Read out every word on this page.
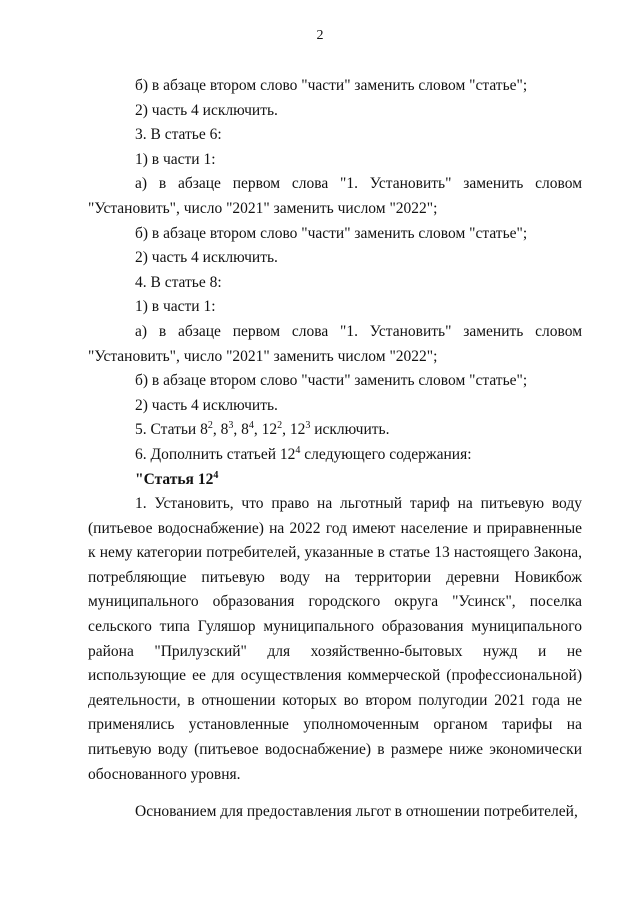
2

б) в абзаце втором слово "части" заменить словом "статье";

2) часть 4 исключить.

3. В статье 6:

1) в части 1:

а) в абзаце первом слова "1. Установить" заменить словом

"Установить", число "2021" заменить числом "2022";

б) в абзаце втором слово "части" заменить словом "статье";

2) часть 4 исключить.

4. В статье 8:

1) в части 1:

а) в абзаце первом слова "1. Установить" заменить словом

"Установить", число "2021" заменить числом "2022";

б) в абзаце втором слово "части" заменить словом "статье";

2) часть 4 исключить.

5. Статьи $8^2$, $8^3$, $8^4$, $12^2$, $12^3$ исключить.

6. Дополнить статьей $12^4$ следующего содержания:

"Статья $12^4$

1. Установить, что право на льготный тариф на питьевую воду (питьевое водоснабжение) на 2022 год имеют население и приравненные к нему категории потребителей, указанные в статье 13 настоящего Закона, потребляющие питьевую воду на территории деревни Новикбож муниципального образования городского округа "Усинск", поселка сельского типа Гуляшор муниципального образования муниципального района "Прилузский" для хозяйственно-бытовых нужд и не использующие ее для осуществления коммерческой (профессиональной) деятельности, в отношении которых во втором полугодии 2021 года не применялись установленные уполномоченным органом тарифы на питьевую воду (питьевое водоснабжение) в размере ниже экономически обоснованного уровня.

Основанием для предоставления льгот в отношении потребителей,
